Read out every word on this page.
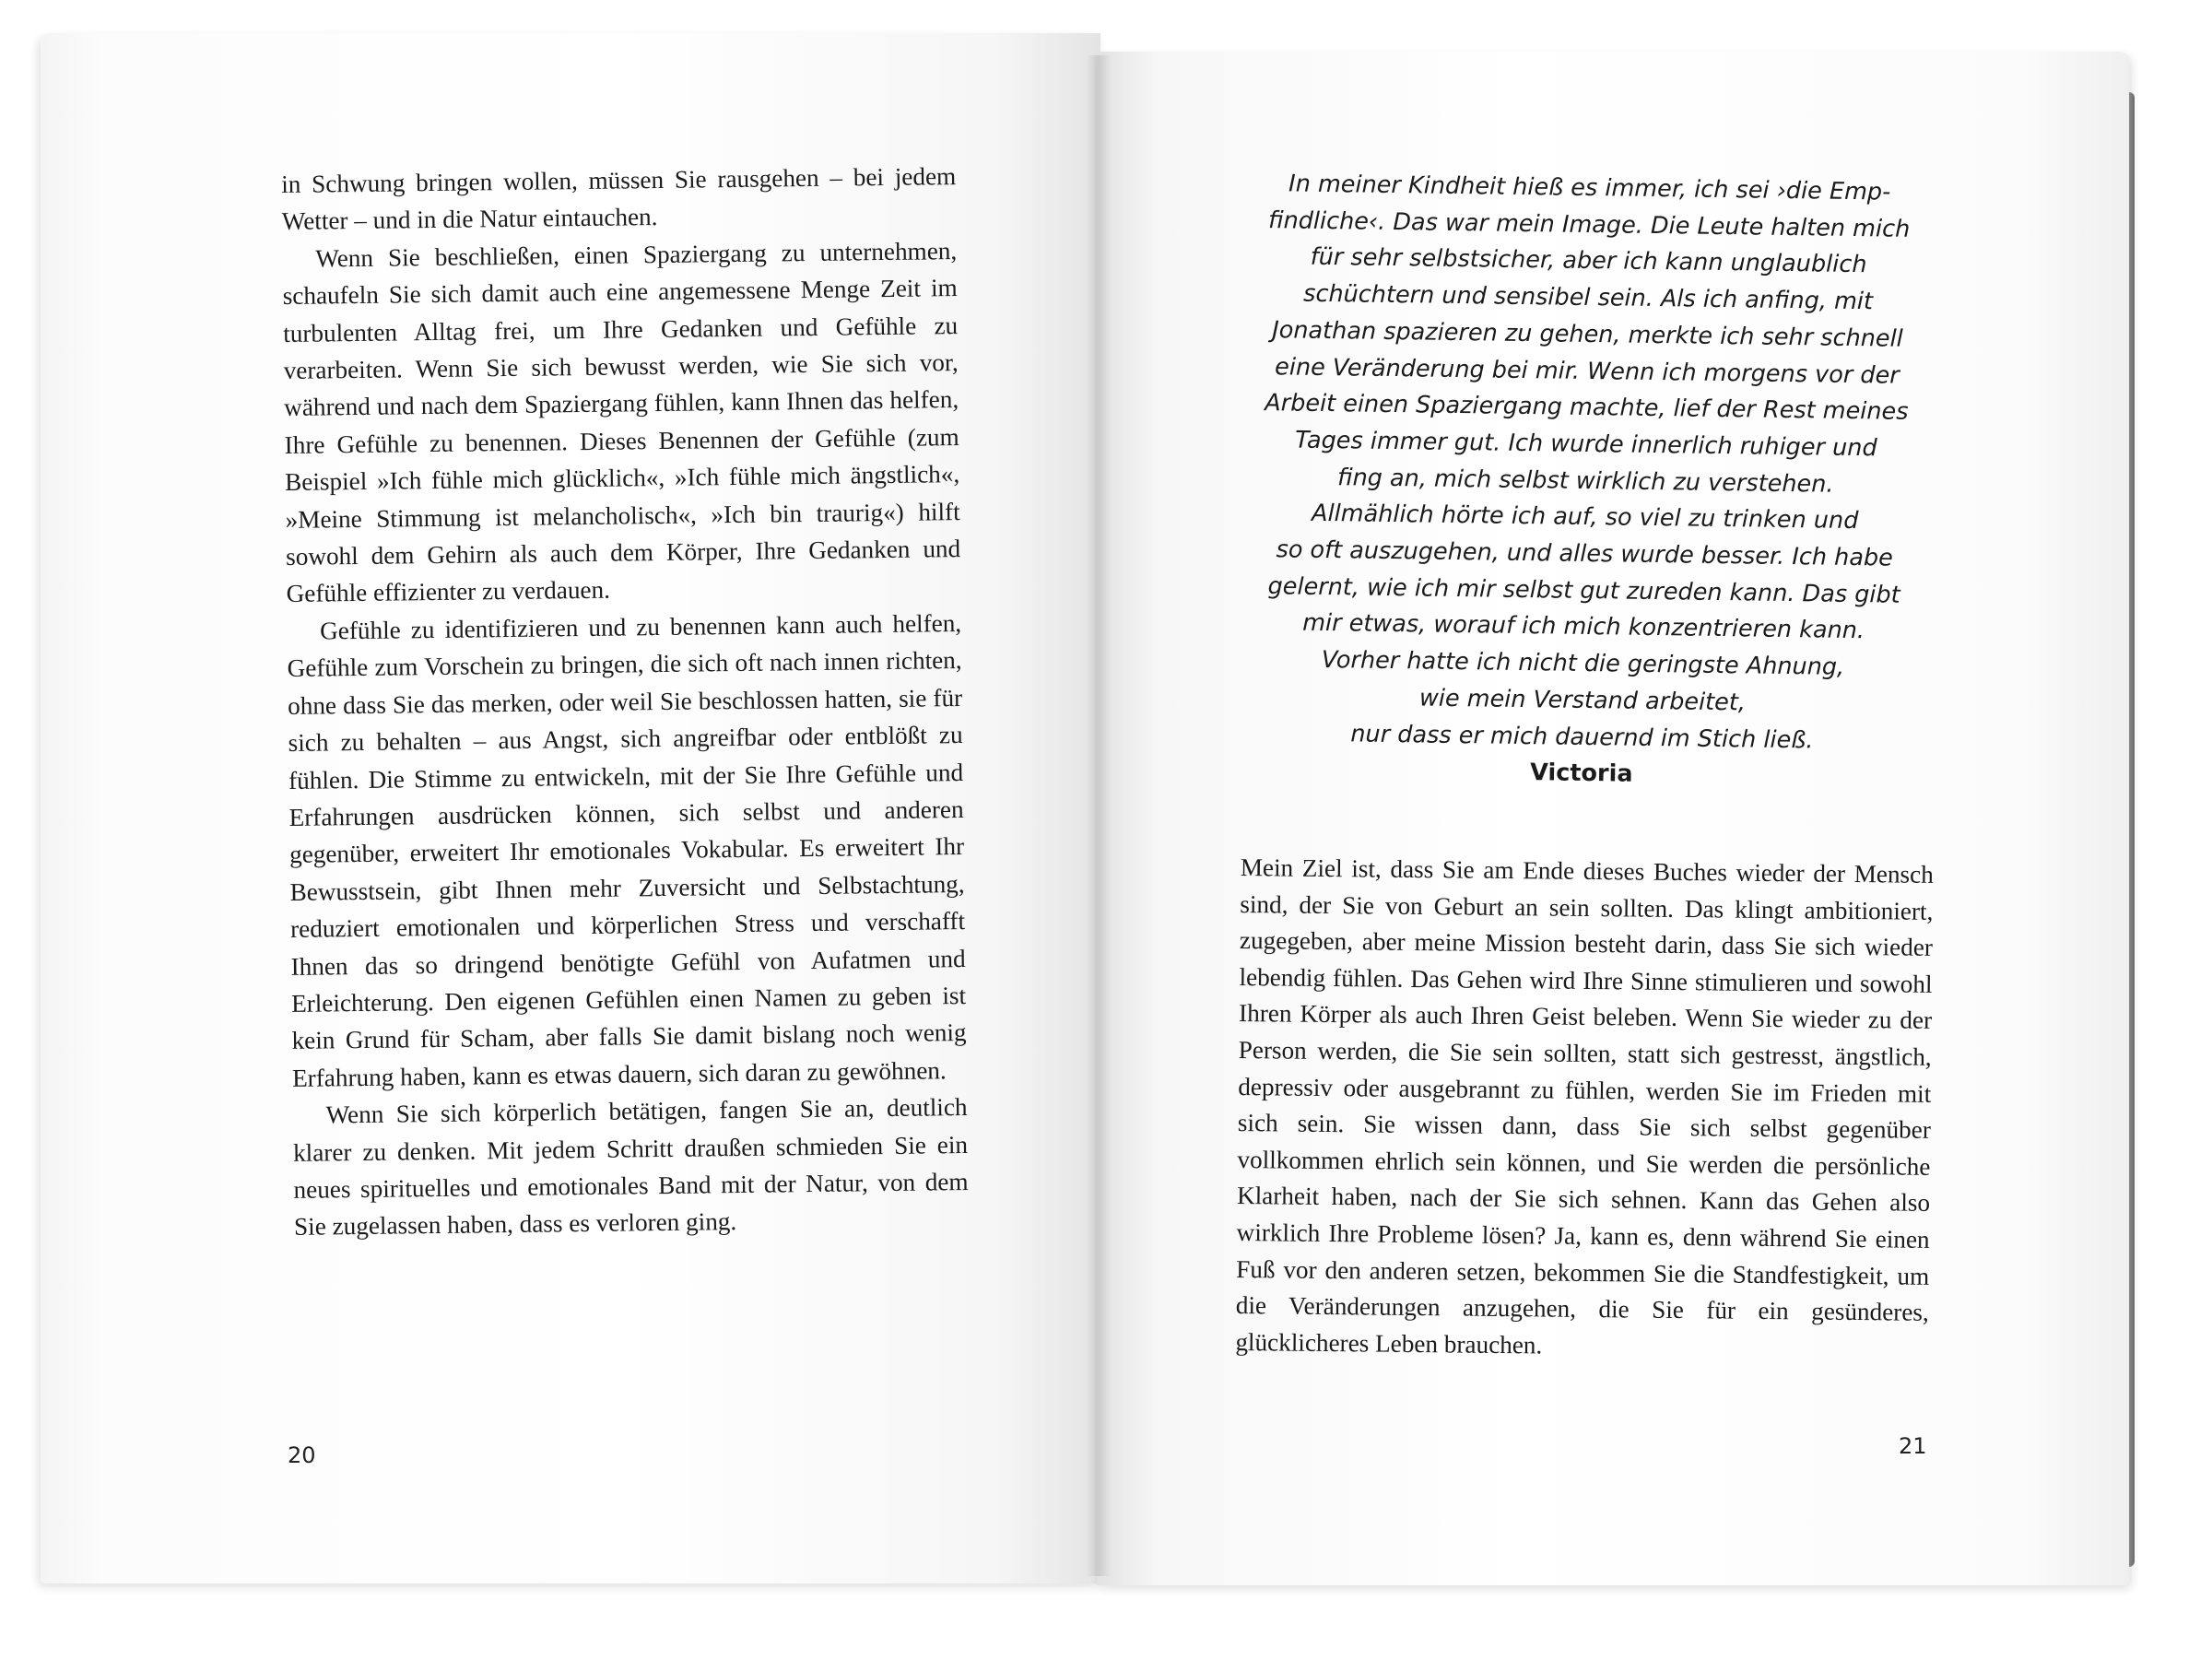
in Schwung bringen wollen, müssen Sie rausgehen – bei jedem Wetter – und in die Natur eintauchen.

Wenn Sie beschließen, einen Spaziergang zu unternehmen, schaufeln Sie sich damit auch eine angemessene Menge Zeit im turbulenten Alltag frei, um Ihre Gedanken und Gefühle zu verarbeiten. Wenn Sie sich bewusst werden, wie Sie sich vor, während und nach dem Spaziergang fühlen, kann Ihnen das helfen, Ihre Gefühle zu benennen. Dieses Benennen der Gefühle (zum Beispiel »Ich fühle mich glücklich«, »Ich fühle mich ängstlich«, »Meine Stimmung ist melancholisch«, »Ich bin traurig«) hilft sowohl dem Gehirn als auch dem Körper, Ihre Gedanken und Gefühle effizienter zu verdauen.

Gefühle zu identifizieren und zu benennen kann auch helfen, Gefühle zum Vorschein zu bringen, die sich oft nach innen richten, ohne dass Sie das merken, oder weil Sie beschlossen hatten, sie für sich zu behalten – aus Angst, sich angreifbar oder entblößt zu fühlen. Die Stimme zu entwickeln, mit der Sie Ihre Gefühle und Erfahrungen ausdrücken können, sich selbst und anderen gegenüber, erweitert Ihr emotionales Vokabular. Es erweitert Ihr Bewusstsein, gibt Ihnen mehr Zuversicht und Selbstachtung, reduziert emotionalen und körperlichen Stress und verschafft Ihnen das so dringend benötigte Gefühl von Aufatmen und Erleichterung. Den eigenen Gefühlen einen Namen zu geben ist kein Grund für Scham, aber falls Sie damit bislang noch wenig Erfahrung haben, kann es etwas dauern, sich daran zu gewöhnen.

Wenn Sie sich körperlich betätigen, fangen Sie an, deutlich klarer zu denken. Mit jedem Schritt draußen schmieden Sie ein neues spirituelles und emotionales Band mit der Natur, von dem Sie zugelassen haben, dass es verloren ging.

20
In meiner Kindheit hieß es immer, ich sei ›die Emp-
findliche‹. Das war mein Image. Die Leute halten mich
für sehr selbstsicher, aber ich kann unglaublich
schüchtern und sensibel sein. Als ich anfing, mit
Jonathan spazieren zu gehen, merkte ich sehr schnell
eine Veränderung bei mir. Wenn ich morgens vor der
Arbeit einen Spaziergang machte, lief der Rest meines
Tages immer gut. Ich wurde innerlich ruhiger und
fing an, mich selbst wirklich zu verstehen.
Allmählich hörte ich auf, so viel zu trinken und
so oft auszugehen, und alles wurde besser. Ich habe
gelernt, wie ich mir selbst gut zureden kann. Das gibt
mir etwas, worauf ich mich konzentrieren kann.
Vorher hatte ich nicht die geringste Ahnung,
wie mein Verstand arbeitet,
nur dass er mich dauernd im Stich ließ.
Victoria

Mein Ziel ist, dass Sie am Ende dieses Buches wieder der Mensch sind, der Sie von Geburt an sein sollten. Das klingt ambitioniert, zugegeben, aber meine Mission besteht darin, dass Sie sich wieder lebendig fühlen. Das Gehen wird Ihre Sinne stimulieren und sowohl Ihren Körper als auch Ihren Geist beleben. Wenn Sie wieder zu der Person werden, die Sie sein sollten, statt sich gestresst, ängstlich, depressiv oder ausgebrannt zu fühlen, werden Sie im Frieden mit sich sein. Sie wissen dann, dass Sie sich selbst gegenüber vollkommen ehrlich sein können, und Sie werden die persönliche Klarheit haben, nach der Sie sich sehnen. Kann das Gehen also wirklich Ihre Probleme lösen? Ja, kann es, denn während Sie einen Fuß vor den anderen setzen, bekommen Sie die Standfestigkeit, um die Veränderungen anzugehen, die Sie für ein gesünderes, glücklicheres Leben brauchen.

21
